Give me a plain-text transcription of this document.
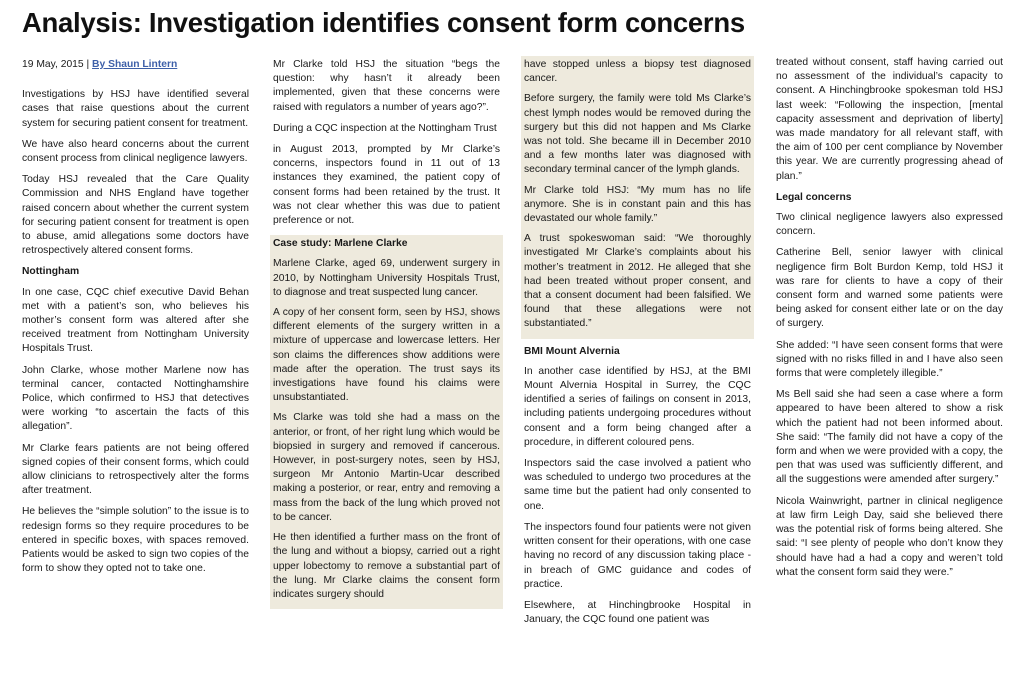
Analysis: Investigation identifies consent form concerns

19 May, 2015 | By Shaun Lintern

Investigations by HSJ have identified several cases that raise questions about the current system for securing patient consent for treatment.

We have also heard concerns about the current consent process from clinical negligence lawyers.

Today HSJ revealed that the Care Quality Commission and NHS England have together raised concern about whether the current system for securing patient consent for treatment is open to abuse, amid allegations some doctors have retrospectively altered consent forms.

Nottingham

In one case, CQC chief executive David Behan met with a patient’s son, who believes his mother’s consent form was altered after she received treatment from Nottingham University Hospitals Trust.

John Clarke, whose mother Marlene now has terminal cancer, contacted Nottinghamshire Police, which confirmed to HSJ that detectives were working “to ascertain the facts of this allegation”.

Mr Clarke fears patients are not being offered signed copies of their consent forms, which could allow clinicians to retrospectively alter the forms after treatment.

He believes the “simple solution” to the issue is to redesign forms so they require procedures to be entered in specific boxes, with spaces removed. Patients would be asked to sign two copies of the form to show they opted not to take one.

Mr Clarke told HSJ the situation “begs the question: why hasn’t it already been implemented, given that these concerns were raised with regulators a number of years ago?”.

During a CQC inspection at the Nottingham Trust

in August 2013, prompted by Mr Clarke’s concerns, inspectors found in 11 out of 13 instances they examined, the patient copy of consent forms had been retained by the trust. It was not clear whether this was due to patient preference or not.

Case study: Marlene Clarke

Marlene Clarke, aged 69, underwent surgery in 2010, by Nottingham University Hospitals Trust, to diagnose and treat suspected lung cancer.

A copy of her consent form, seen by HSJ, shows different elements of the surgery written in a mixture of uppercase and lowercase letters. Her son claims the differences show additions were made after the operation. The trust says its investigations have found his claims were unsubstantiated.

Ms Clarke was told she had a mass on the anterior, or front, of her right lung which would be biopsied in surgery and removed if cancerous. However, in post-surgery notes, seen by HSJ, surgeon Mr Antonio Martin-Ucar described making a posterior, or rear, entry and removing a mass from the back of the lung which proved not to be cancer.

He then identified a further mass on the front of the lung and without a biopsy, carried out a right upper lobectomy to remove a substantial part of the lung. Mr Clarke claims the consent form indicates surgery should

have stopped unless a biopsy test diagnosed cancer.

Before surgery, the family were told Ms Clarke’s chest lymph nodes would be removed during the surgery but this did not happen and Ms Clarke was not told. She became ill in December 2010 and a few months later was diagnosed with secondary terminal cancer of the lymph glands.

Mr Clarke told HSJ: “My mum has no life anymore. She is in constant pain and this has devastated our whole family.”

A trust spokeswoman said: “We thoroughly investigated Mr Clarke’s complaints about his mother’s treatment in 2012. He alleged that she had been treated without proper consent, and that a consent document had been falsified. We found that these allegations were not substantiated.”

BMI Mount Alvernia

In another case identified by HSJ, at the BMI Mount Alvernia Hospital in Surrey, the CQC identified a series of failings on consent in 2013, including patients undergoing procedures without consent and a form being changed after a procedure, in different coloured pens.

Inspectors said the case involved a patient who was scheduled to undergo two procedures at the same time but the patient had only consented to one.

The inspectors found four patients were not given written consent for their operations, with one case having no record of any discussion taking place - in breach of GMC guidance and codes of practice.

Elsewhere, at Hinchingbrooke Hospital in January, the CQC found one patient was

treated without consent, staff having carried out no assessment of the individual’s capacity to consent. A Hinchingbrooke spokesman told HSJ last week: “Following the inspection, [mental capacity assessment and deprivation of liberty] was made mandatory for all relevant staff, with the aim of 100 per cent compliance by November this year. We are currently progressing ahead of plan.”

Legal concerns

Two clinical negligence lawyers also expressed concern.

Catherine Bell, senior lawyer with clinical negligence firm Bolt Burdon Kemp, told HSJ it was rare for clients to have a copy of their consent form and warned some patients were being asked for consent either late or on the day of surgery.

She added: “I have seen consent forms that were signed with no risks filled in and I have also seen forms that were completely illegible.”

Ms Bell said she had seen a case where a form appeared to have been altered to show a risk which the patient had not been informed about. She said: “The family did not have a copy of the form and when we were provided with a copy, the pen that was used was sufficiently different, and all the suggestions were amended after surgery.”

Nicola Wainwright, partner in clinical negligence at law firm Leigh Day, said she believed there was the potential risk of forms being altered. She said: “I see plenty of people who don’t know they should have had a had a copy and weren’t told what the consent form said they were.”
